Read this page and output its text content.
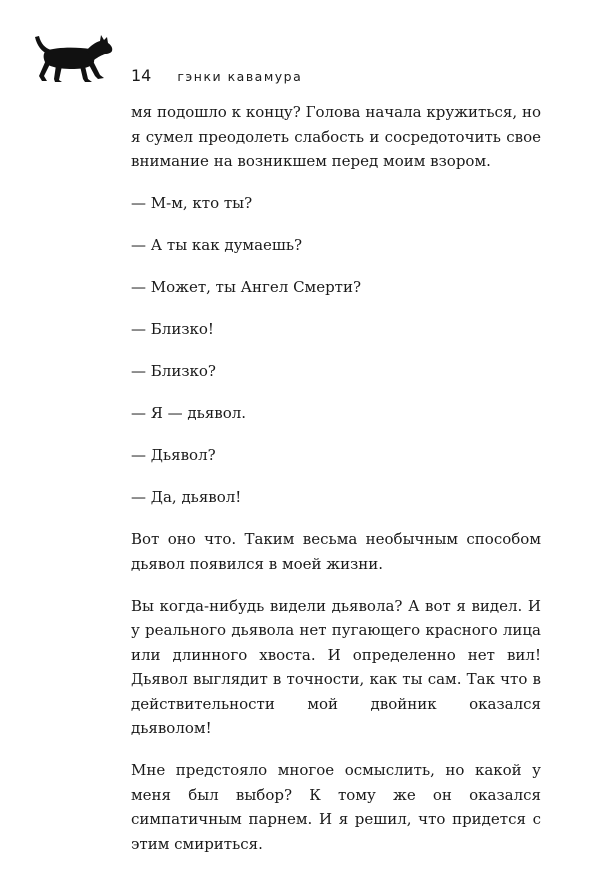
14 гэнки кавамура

мя подошло к концу? Голова начала кружиться, но я сумел преодолеть слабость и сосредоточить свое внимание на возникшем перед моим взором.

— М-м, кто ты?

— А ты как думаешь?

— Может, ты Ангел Смерти?

— Близко!

— Близко?

— Я — дьявол.

— Дьявол?

— Да, дьявол!

Вот оно что. Таким весьма необычным способом дьявол появился в моей жизни.

Вы когда-нибудь видели дьявола? А вот я видел. И у реального дьявола нет пугающего красного лица или длинного хвоста. И определенно нет вил! Дьявол выглядит в точности, как ты сам. Так что в действительности мой двойник оказался дьяволом!

Мне предстояло многое осмыслить, но какой у меня был выбор? К тому же он оказался симпатичным парнем. И я решил, что придется с этим смириться.
